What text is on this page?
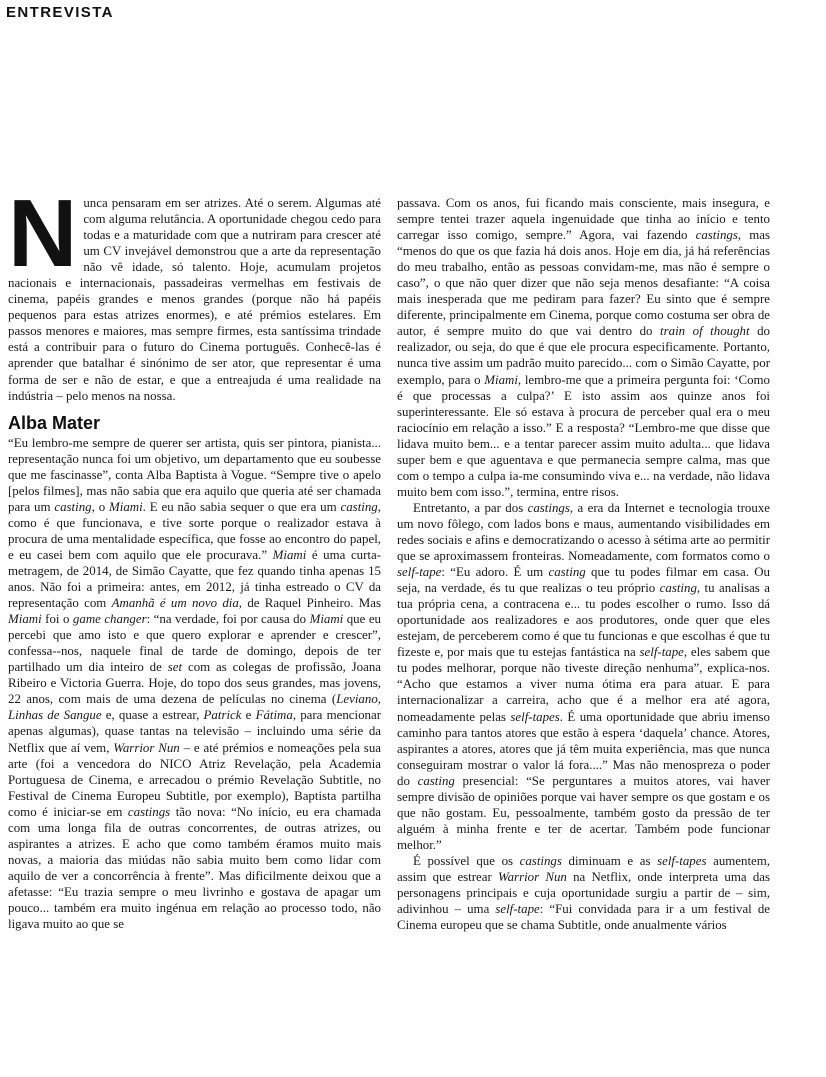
ENTREVISTA

Nunca pensaram em ser atrizes. Até o serem. Algumas até com alguma relutância. A oportunidade chegou cedo para todas e a maturidade com que a nutriram para crescer até um CV invejável demonstrou que a arte da representação não vê idade, só talento. Hoje, acumulam projetos nacionais e internacionais, passadeiras vermelhas em festivais de cinema, papéis grandes e menos grandes (porque não há papéis pequenos para estas atrizes enormes), e até prémios estelares. Em passos menores e maiores, mas sempre firmes, esta santíssima trindade está a contribuir para o futuro do Cinema português. Conhecê-las é aprender que batalhar é sinónimo de ser ator, que representar é uma forma de ser e não de estar, e que a entreajuda é uma realidade na indústria – pelo menos na nossa.

Alba Mater

“Eu lembro-me sempre de querer ser artista, quis ser pintora, pianista... representação nunca foi um objetivo, um departamento que eu soubesse que me fascinasse”, conta Alba Baptista à Vogue. “Sempre tive o apelo [pelos filmes], mas não sabia que era aquilo que queria até ser chamada para um casting, o Miami. E eu não sabia sequer o que era um casting, como é que funcionava, e tive sorte porque o realizador estava à procura de uma mentalidade específica, que fosse ao encontro do papel, e eu casei bem com aquilo que ele procurava.” Miami é uma curta-metragem, de 2014, de Simão Cayatte, que fez quando tinha apenas 15 anos. Não foi a primeira: antes, em 2012, já tinha estreado o CV da representação com Amanhã é um novo dia, de Raquel Pinheiro. Mas Miami foi o game changer: “na verdade, foi por causa do Miami que eu percebi que amo isto e que quero explorar e aprender e crescer”, confessa--nos, naquele final de tarde de domingo, depois de ter partilhado um dia inteiro de set com as colegas de profissão, Joana Ribeiro e Victoria Guerra. Hoje, do topo dos seus grandes, mas jovens, 22 anos, com mais de uma dezena de películas no cinema (Leviano, Linhas de Sangue e, quase a estrear, Patrick e Fátima, para mencionar apenas algumas), quase tantas na televisão – incluindo uma série da Netflix que aí vem, Warrior Nun – e até prémios e nomeações pela sua arte (foi a vencedora do NICO Atriz Revelação, pela Academia Portuguesa de Cinema, e arrecadou o prémio Revelação Subtitle, no Festival de Cinema Europeu Subtitle, por exemplo), Baptista partilha como é iniciar-se em castings tão nova: “No início, eu era chamada com uma longa fila de outras concorrentes, de outras atrizes, ou aspirantes a atrizes. E acho que como também éramos muito mais novas, a maioria das miúdas não sabia muito bem como lidar com aquilo de ver a concorrência à frente”. Mas dificilmente deixou que a afetasse: “Eu trazia sempre o meu livrinho e gostava de apagar um pouco... também era muito ingénua em relação ao processo todo, não ligava muito ao que se

passava. Com os anos, fui ficando mais consciente, mais insegura, e sempre tentei trazer aquela ingenuidade que tinha ao início e tento carregar isso comigo, sempre.” Agora, vai fazendo castings, mas “menos do que os que fazia há dois anos. Hoje em dia, já há referências do meu trabalho, então as pessoas convidam-me, mas não é sempre o caso”, o que não quer dizer que não seja menos desafiante: “A coisa mais inesperada que me pediram para fazer? Eu sinto que é sempre diferente, principalmente em Cinema, porque como costuma ser obra de autor, é sempre muito do que vai dentro do train of thought do realizador, ou seja, do que é que ele procura especificamente. Portanto, nunca tive assim um padrão muito parecido... com o Simão Cayatte, por exemplo, para o Miami, lembro-me que a primeira pergunta foi: ‘Como é que processas a culpa?’ E isto assim aos quinze anos foi superinteressante. Ele só estava à procura de perceber qual era o meu raciocínio em relação a isso.” E a resposta? “Lembro-me que disse que lidava muito bem... e a tentar parecer assim muito adulta... que lidava super bem e que aguentava e que permanecia sempre calma, mas que com o tempo a culpa ia-me consumindo viva e... na verdade, não lidava muito bem com isso.”, termina, entre risos.

Entretanto, a par dos castings, a era da Internet e tecnologia trouxe um novo fôlego, com lados bons e maus, aumentando visibilidades em redes sociais e afins e democratizando o acesso à sétima arte ao permitir que se aproximassem fronteiras. Nomeadamente, com formatos como o self-tape: “Eu adoro. É um casting que tu podes filmar em casa. Ou seja, na verdade, és tu que realizas o teu próprio casting, tu analisas a tua própria cena, a contracena e... tu podes escolher o rumo. Isso dá oportunidade aos realizadores e aos produtores, onde quer que eles estejam, de perceberem como é que tu funcionas e que escolhas é que tu fizeste e, por mais que tu estejas fantástica na self-tape, eles sabem que tu podes melhorar, porque não tiveste direção nenhuma”, explica-nos. “Acho que estamos a viver numa ótima era para atuar. E para internacionalizar a carreira, acho que é a melhor era até agora, nomeadamente pelas self-tapes. É uma oportunidade que abriu imenso caminho para tantos atores que estão à espera ‘daquela’ chance. Atores, aspirantes a atores, atores que já têm muita experiência, mas que nunca conseguiram mostrar o valor lá fora....” Mas não menospreza o poder do casting presencial: “Se perguntares a muitos atores, vai haver sempre divisão de opiniões porque vai haver sempre os que gostam e os que não gostam. Eu, pessoalmente, também gosto da pressão de ter alguém à minha frente e ter de acertar. Também pode funcionar melhor.”

É possível que os castings diminuam e as self-tapes aumentem, assim que estrear Warrior Nun na Netflix, onde interpreta uma das personagens principais e cuja oportunidade surgiu a partir de – sim, adivinhou – uma self-tape: “Fui convidada para ir a um festival de Cinema europeu que se chama Subtitle, onde anualmente vários
